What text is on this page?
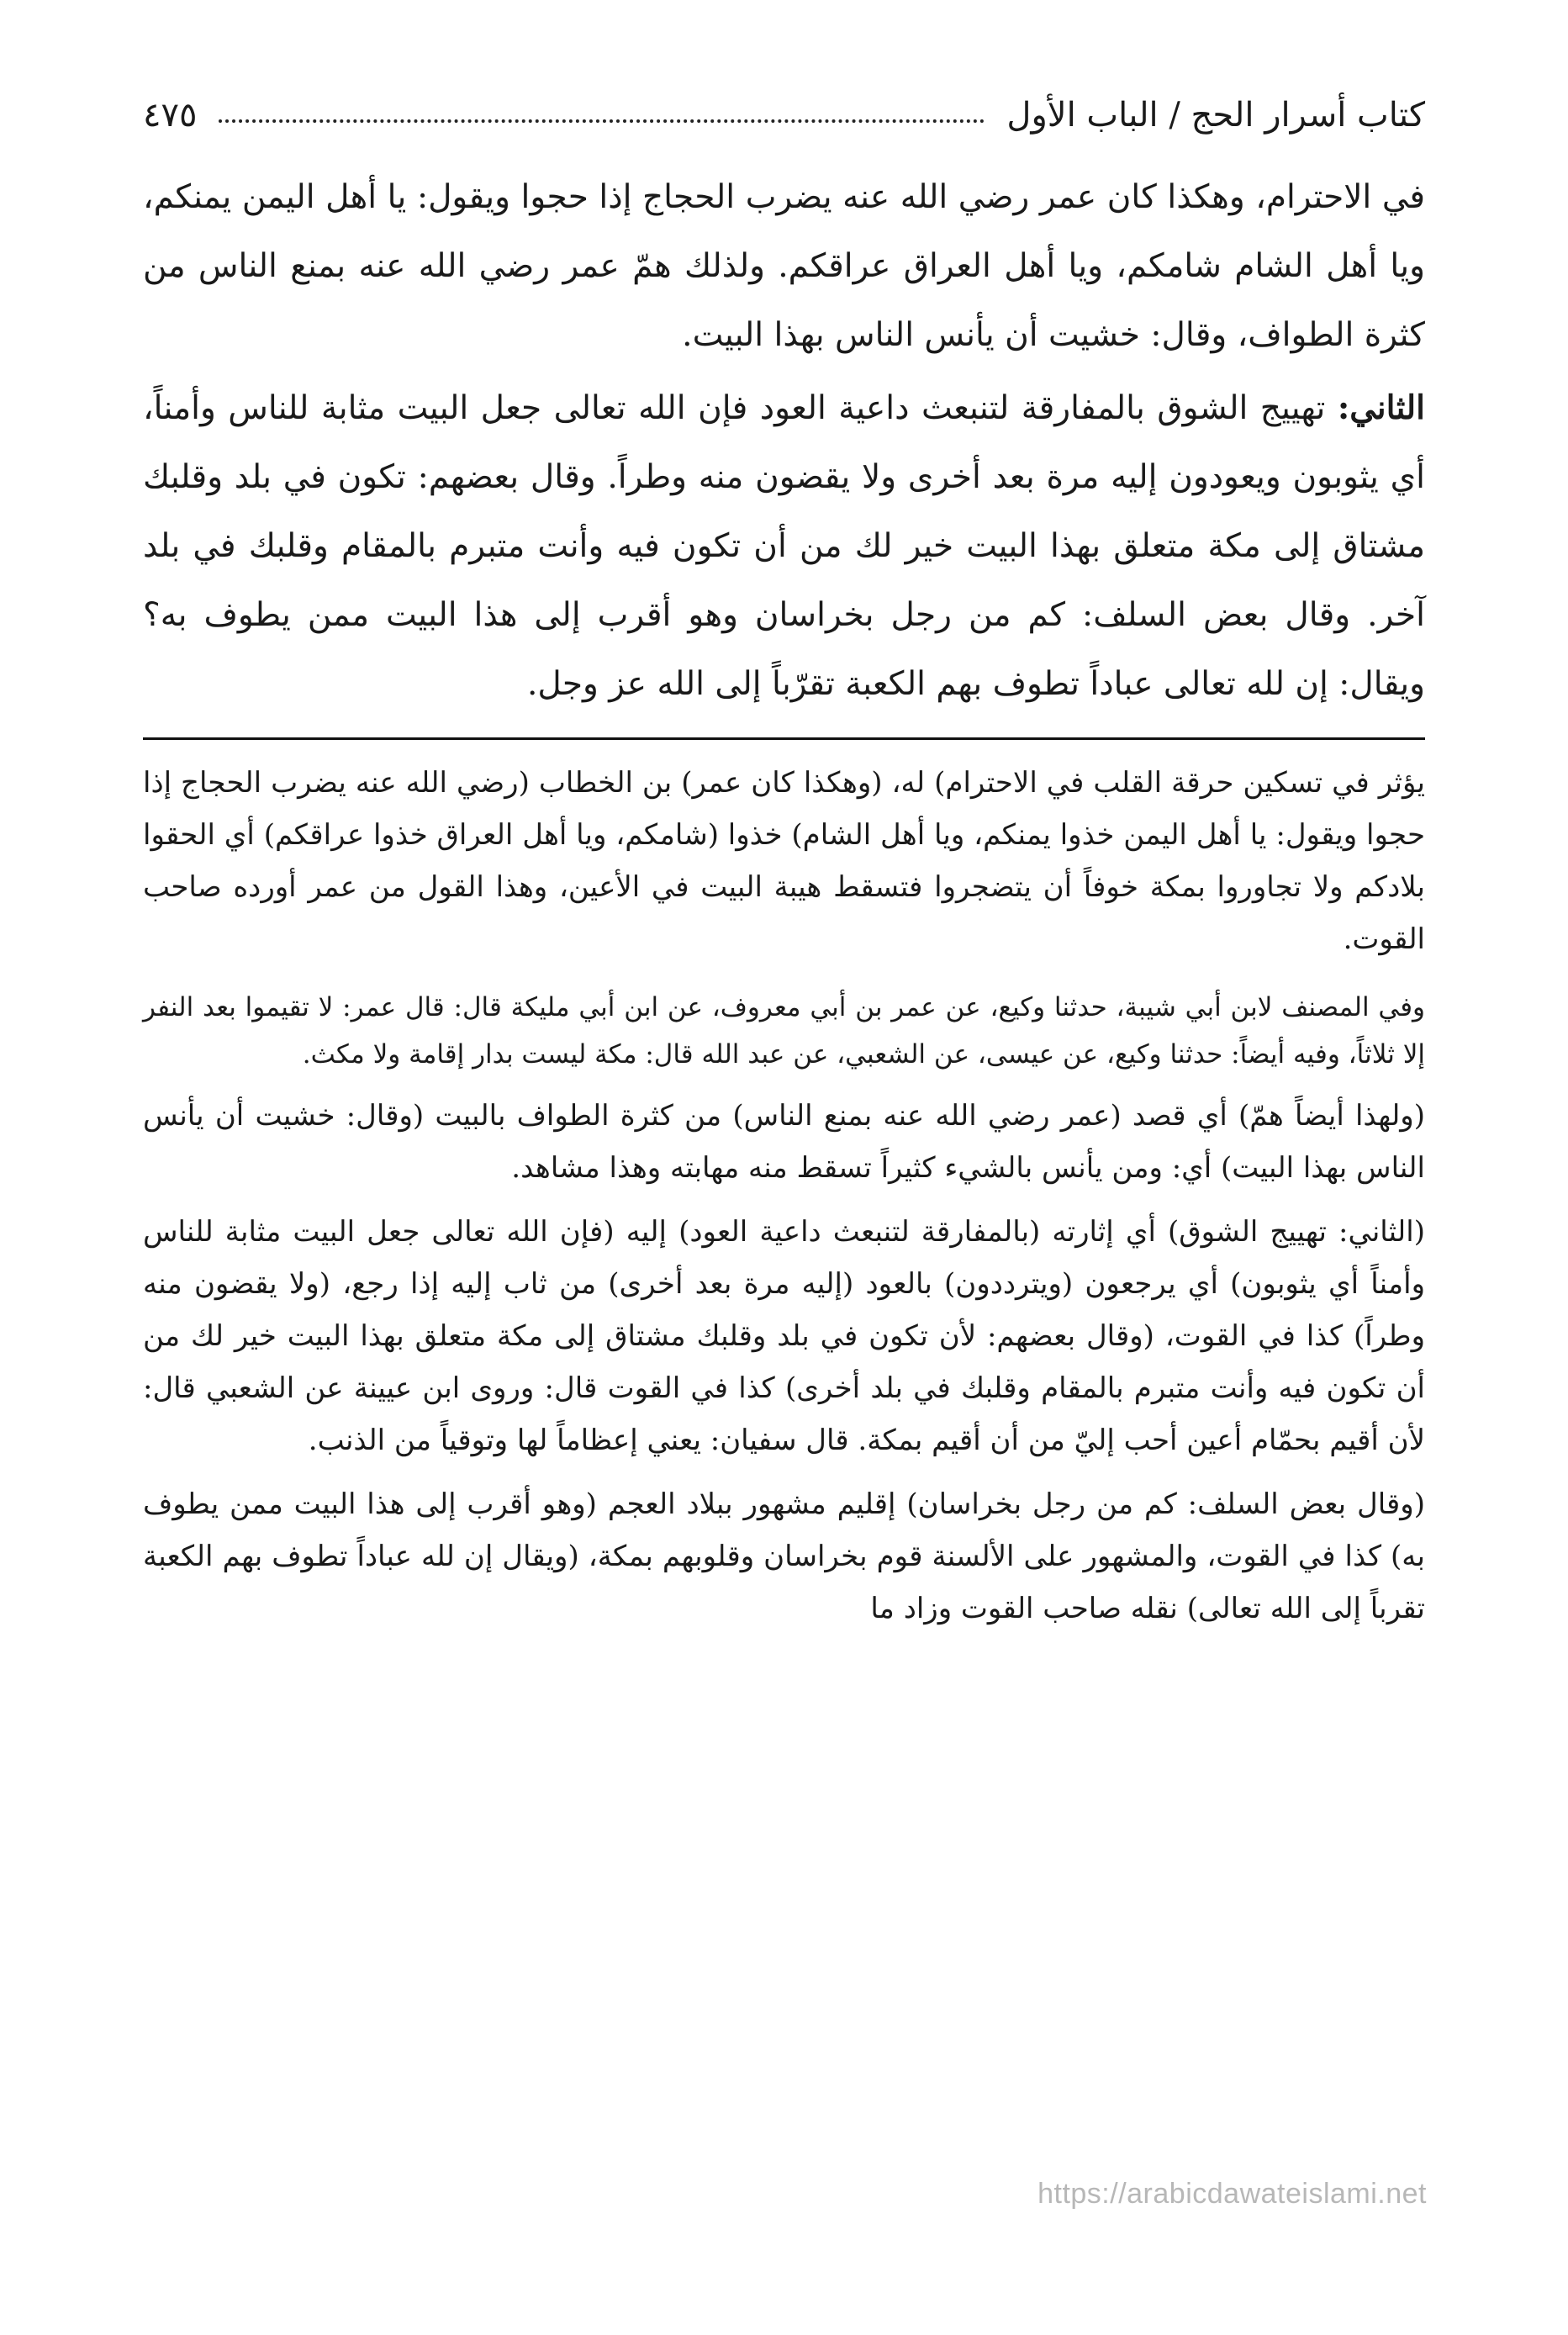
كتاب أسرار الحج / الباب الأول
٤٧٥

في الاحترام، وهكذا كان عمر رضي الله عنه يضرب الحجاج إذا حجوا ويقول: يا أهل اليمن يمنكم، ويا أهل الشام شامكم، ويا أهل العراق عراقكم. ولذلك همّ عمر رضي الله عنه بمنع الناس من كثرة الطواف، وقال: خشيت أن يأنس الناس بهذا البيت.

الثاني: تهييج الشوق بالمفارقة لتنبعث داعية العود فإن الله تعالى جعل البيت مثابة للناس وأمناً، أي يثوبون ويعودون إليه مرة بعد أخرى ولا يقضون منه وطراً. وقال بعضهم: تكون في بلد وقلبك مشتاق إلى مكة متعلق بهذا البيت خير لك من أن تكون فيه وأنت متبرم بالمقام وقلبك في بلد آخر. وقال بعض السلف: كم من رجل بخراسان وهو أقرب إلى هذا البيت ممن يطوف به؟ ويقال: إن لله تعالى عباداً تطوف بهم الكعبة تقرّباً إلى الله عز وجل.

يؤثر في تسكين حرقة القلب في الاحترام) له، (وهكذا كان عمر) بن الخطاب (رضي الله عنه يضرب الحجاج إذا حجوا ويقول: يا أهل اليمن خذوا يمنكم، ويا أهل الشام) خذوا (شامكم، ويا أهل العراق خذوا عراقكم) أي الحقوا بلادكم ولا تجاوروا بمكة خوفاً أن يتضجروا فتسقط هيبة البيت في الأعين، وهذا القول من عمر أورده صاحب القوت.

وفي المصنف لابن أبي شيبة، حدثنا وكيع، عن عمر بن أبي معروف، عن ابن أبي مليكة قال: قال عمر: لا تقيموا بعد النفر إلا ثلاثاً، وفيه أيضاً: حدثنا وكيع، عن عيسى، عن الشعبي، عن عبد الله قال: مكة ليست بدار إقامة ولا مكث.

(ولهذا أيضاً همّ) أي قصد (عمر رضي الله عنه بمنع الناس) من كثرة الطواف بالبيت (وقال: خشيت أن يأنس الناس بهذا البيت) أي: ومن يأنس بالشيء كثيراً تسقط منه مهابته وهذا مشاهد.

(الثاني: تهييج الشوق) أي إثارته (بالمفارقة لتنبعث داعية العود) إليه (فإن الله تعالى جعل البيت مثابة للناس وأمناً أي يثوبون) أي يرجعون (ويترددون) بالعود (إليه مرة بعد أخرى) من ثاب إليه إذا رجع، (ولا يقضون منه وطراً) كذا في القوت، (وقال بعضهم: لأن تكون في بلد وقلبك مشتاق إلى مكة متعلق بهذا البيت خير لك من أن تكون فيه وأنت متبرم بالمقام وقلبك في بلد أخرى) كذا في القوت قال: وروى ابن عيينة عن الشعبي قال: لأن أقيم بحمّام أعين أحب إليّ من أن أقيم بمكة. قال سفيان: يعني إعظاماً لها وتوقياً من الذنب.

(وقال بعض السلف: كم من رجل بخراسان) إقليم مشهور ببلاد العجم (وهو أقرب إلى هذا البيت ممن يطوف به) كذا في القوت، والمشهور على الألسنة قوم بخراسان وقلوبهم بمكة، (ويقال إن لله عباداً تطوف بهم الكعبة تقرباً إلى الله تعالى) نقله صاحب القوت وزاد ما

https://arabicdawateislami.net
